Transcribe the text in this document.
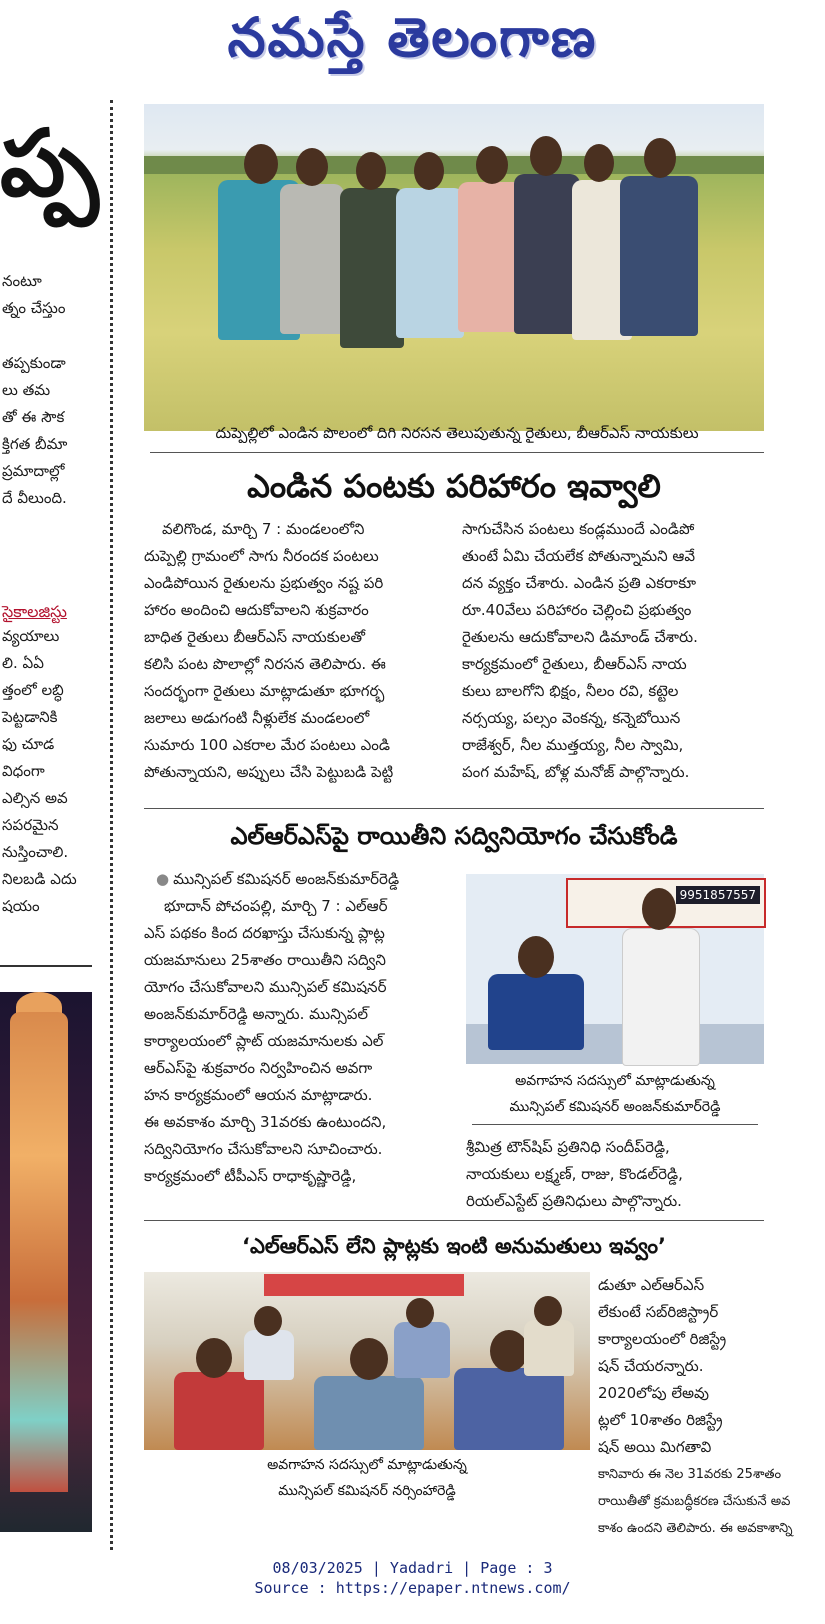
నమస్తే తెలంగాణ
ప్ప
నంటూ
త్నం చేస్తుం
తప్పకుండా
లు తమ
తో ఈ సౌక
క్తిగత బీమా
ప్రమాదాల్లో
దే వీలుంది.
సైకాలజిస్టు
వ్యయాలు
లి. ఏఏ
త్తంలో లబ్ధి
పెట్టడానికి
ఫు చూడ
విధంగా
ఎల్సిన అవ
సపరమైన
నుస్తించాలి.
నిలబడి ఎదు
షయం
దుప్పెల్లిలో ఎండిన పొలంలో దిగి నిరసన తెలుపుతున్న రైతులు, బీఆర్ఎస్ నాయకులు
ఎండిన పంటకు పరిహారం ఇవ్వాలి

వలిగొండ, మార్చి 7 : మండలంలోని

దుప్పెల్లి గ్రామంలో సాగు నీరందక పంటలు

ఎండిపోయిన రైతులను ప్రభుత్వం నష్ట పరి

హారం అందించి ఆదుకోవాలని శుక్రవారం

బాధిత రైతులు బీఆర్ఎస్ నాయకులతో

కలిసి పంట పొలాల్లో నిరసన తెలిపారు. ఈ

సందర్భంగా రైతులు మాట్లాడుతూ భూగర్భ

జలాలు అడుగంటి నీళ్లులేక మండలంలో

సుమారు 100 ఎకరాల మేర పంటలు ఎండి

పోతున్నాయని, అప్పులు చేసి పెట్టుబడి పెట్టి

సాగుచేసిన పంటలు కండ్లముందే ఎండిపో

తుంటే ఏమి చేయలేక పోతున్నామని ఆవే

దన వ్యక్తం చేశారు. ఎండిన ప్రతి ఎకరాకూ

రూ.40వేలు పరిహారం చెల్లించి ప్రభుత్వం

రైతులను ఆదుకోవాలని డిమాండ్ చేశారు.

కార్యక్రమంలో రైతులు, బీఆర్ఎస్ నాయ

కులు బాలగోని భిక్షం, నీలం రవి, కట్టెల

నర్సయ్య, పల్సం వెంకన్న, కన్నెబోయిన

రాజేశ్వర్, నీల ముత్తయ్య, నీల స్వామి,

పంగ మహేష్, బోళ్ల మనోజ్ పాల్గొన్నారు.

ఎల్ఆర్ఎస్‌పై రాయితీని సద్వినియోగం చేసుకోండి

● మున్సిపల్ కమిషనర్ అంజన్‌కుమార్‌రెడ్డి

భూదాన్ పోచంపల్లి, మార్చి 7 : ఎల్ఆర్

ఎస్ పథకం కింద దరఖాస్తు చేసుకున్న ప్లాట్ల

యజమానులు 25శాతం రాయితీని సద్విని

యోగం చేసుకోవాలని మున్సిపల్ కమిషనర్

అంజన్‌కుమార్‌రెడ్డి అన్నారు. మున్సిపల్

కార్యాలయంలో ప్లాట్ యజమానులకు ఎల్

ఆర్ఎస్‌పై శుక్రవారం నిర్వహించిన అవగా

హన కార్యక్రమంలో ఆయన మాట్లాడారు.

ఈ అవకాశం మార్చి 31వరకు ఉంటుందని,

సద్వినియోగం చేసుకోవాలని సూచించారు.

కార్యక్రమంలో టీపీఎస్ రాధాకృష్ణారెడ్డి,

9951857557
అవగాహన సదస్సులో మాట్లాడుతున్న
మున్సిపల్ కమిషనర్ అంజన్‌కుమార్‌రెడ్డి

శ్రీమిత్ర టౌన్‌షిప్ ప్రతినిధి సందీప్‌రెడ్డి,

నాయకులు లక్ష్మణ్, రాజు, కొండల్‌రెడ్డి,

రియల్‌ఎస్టేట్ ప్రతినిధులు పాల్గొన్నారు.

‘ఎల్ఆర్ఎస్ లేని ప్లాట్లకు ఇంటి అనుమతులు ఇవ్వం’
అవగాహన సదస్సులో మాట్లాడుతున్న
మున్సిపల్ కమిషనర్ నర్సింహారెడ్డి

డుతూ ఎల్ఆర్ఎస్

లేకుంటే సబ్‌రిజిస్ట్రార్

కార్యాలయంలో రిజిస్ట్రే

షన్ చేయరన్నారు.

2020లోపు లేఅవు

ట్లలో 10శాతం రిజిస్ట్రే

షన్ అయి మిగతావి

కానివారు ఈ నెల 31వరకు 25శాతం

రాయితీతో క్రమబద్ధీకరణ చేసుకునే అవ

కాశం ఉందని తెలిపారు. ఈ అవకాశాన్ని

08/03/2025 | Yadadri | Page : 3
Source : https://epaper.ntnews.com/
